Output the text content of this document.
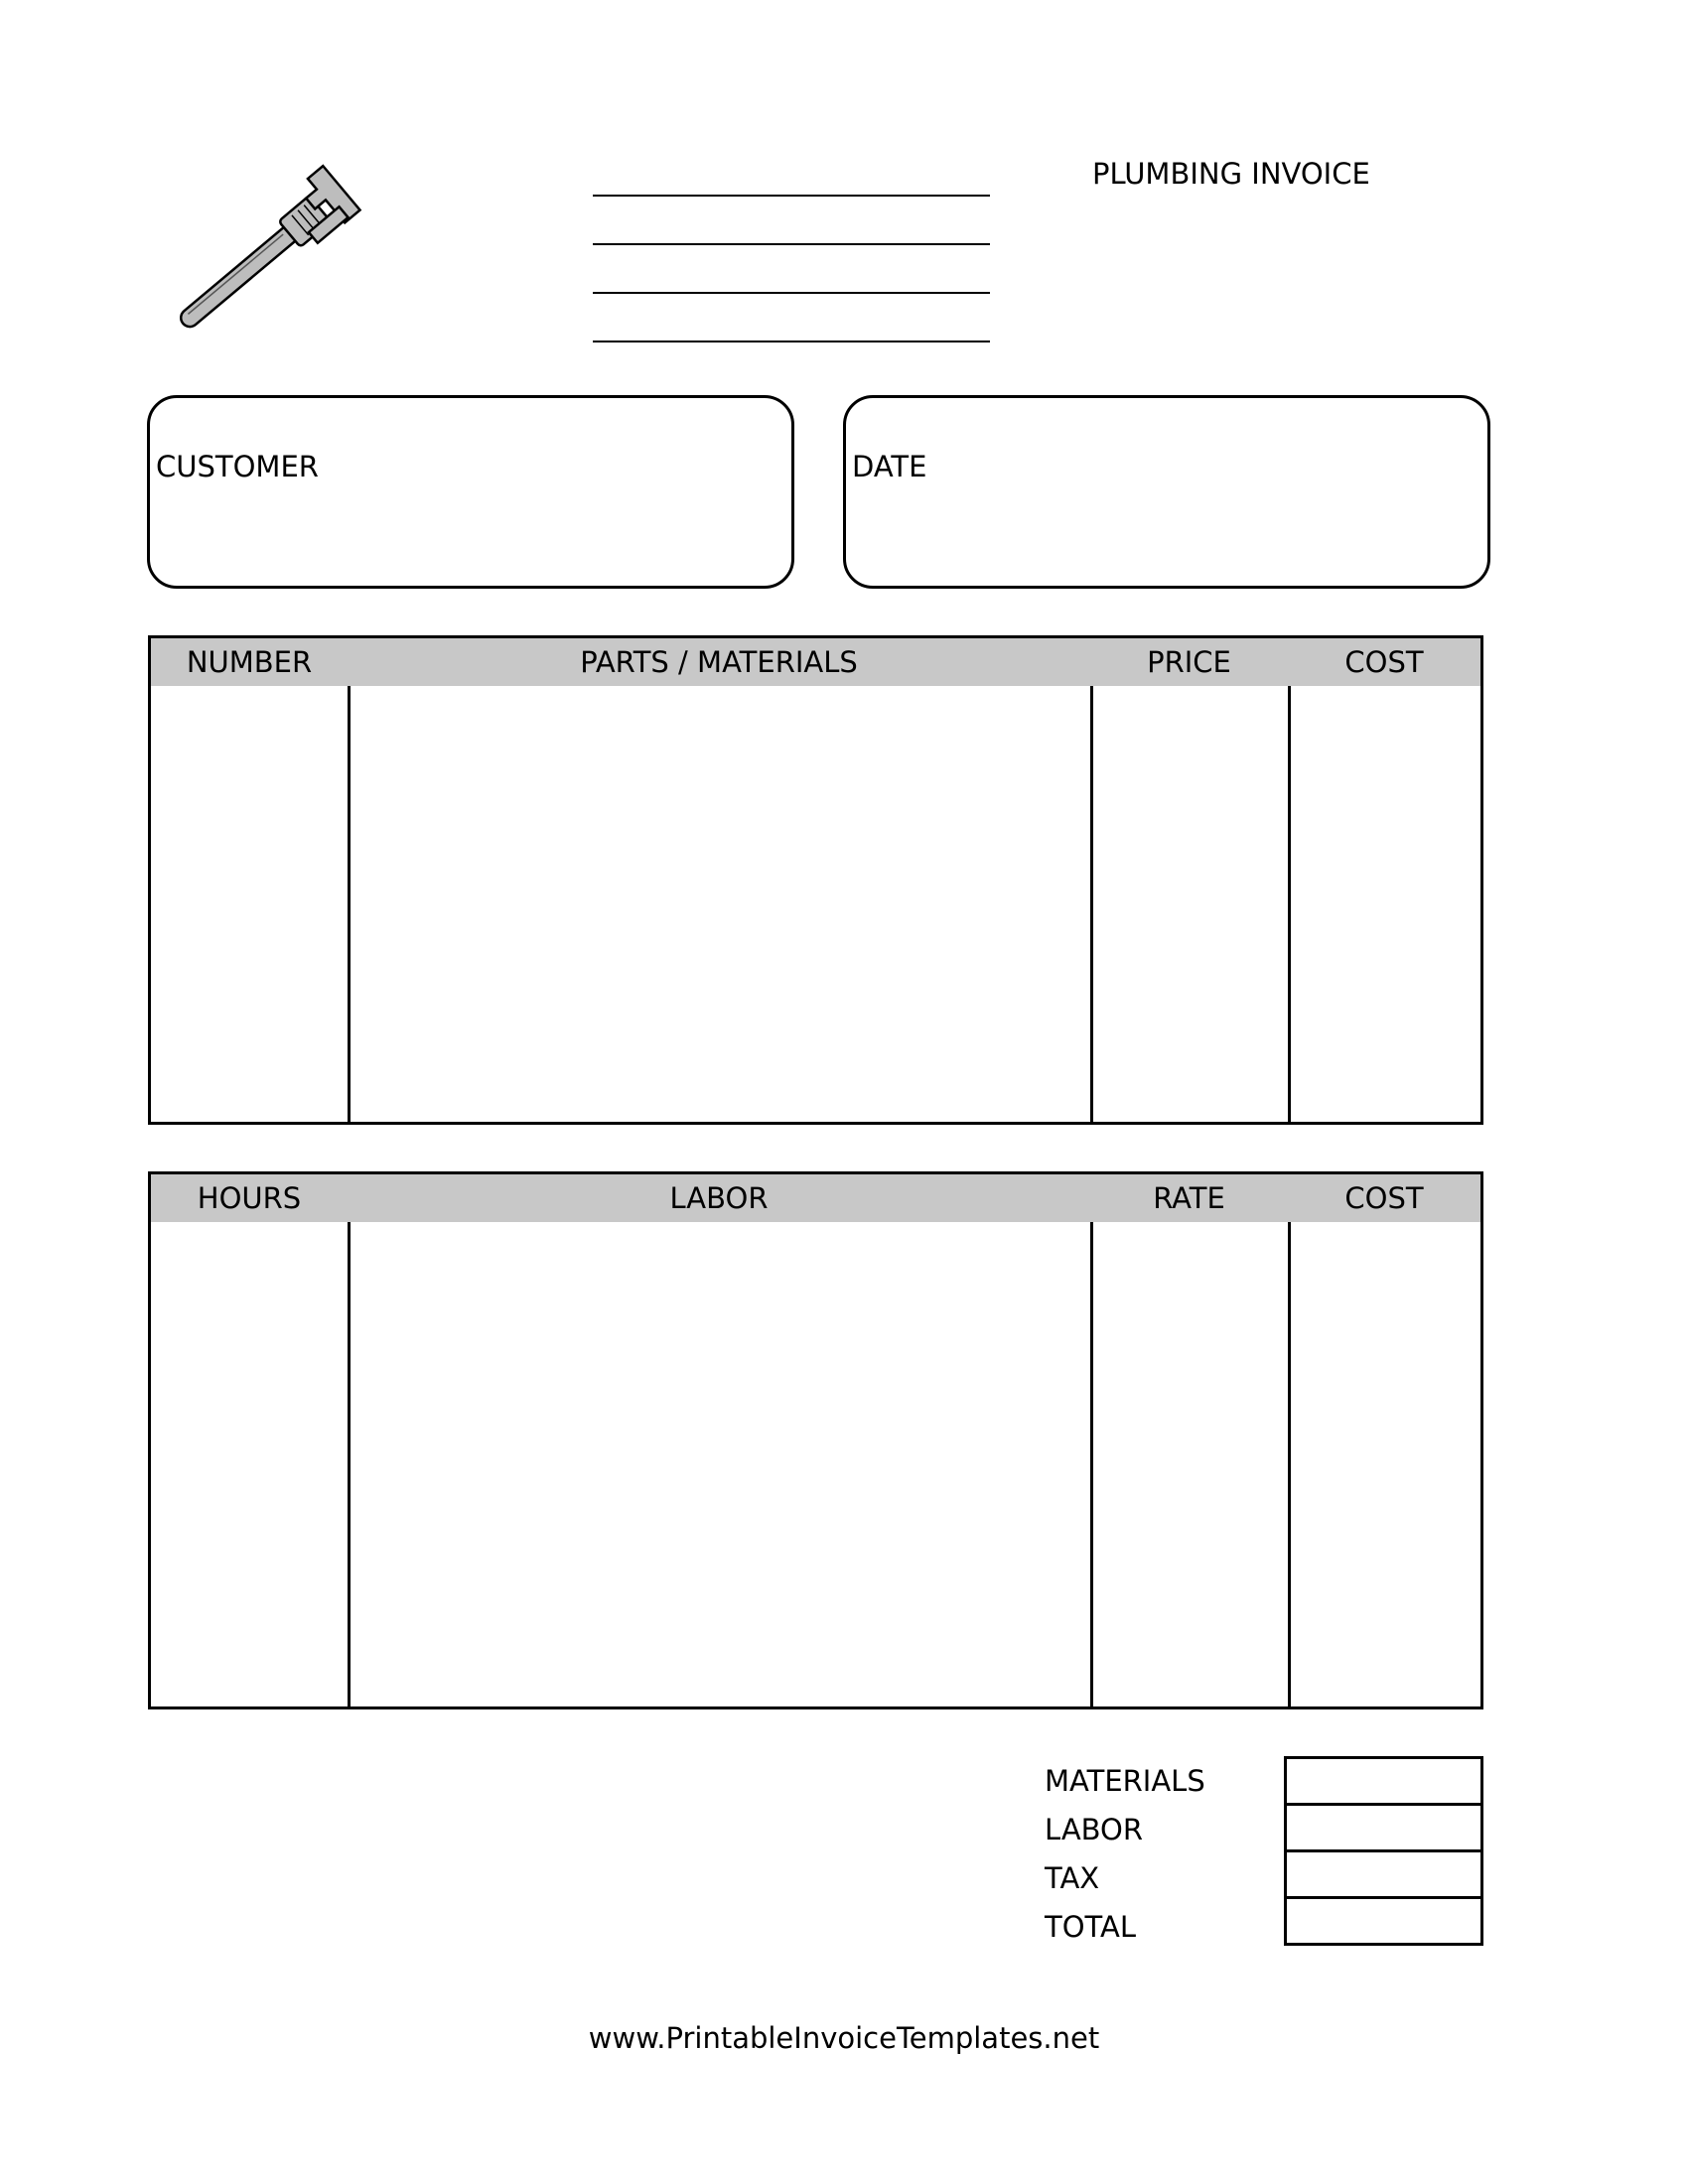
PLUMBING INVOICE
CUSTOMER	DATE
NUMBER	PARTS / MATERIALS	PRICE	COST
HOURS	LABOR	RATE	COST
MATERIALS
LABOR
TAX
TOTAL
www.PrintableInvoiceTemplates.net
